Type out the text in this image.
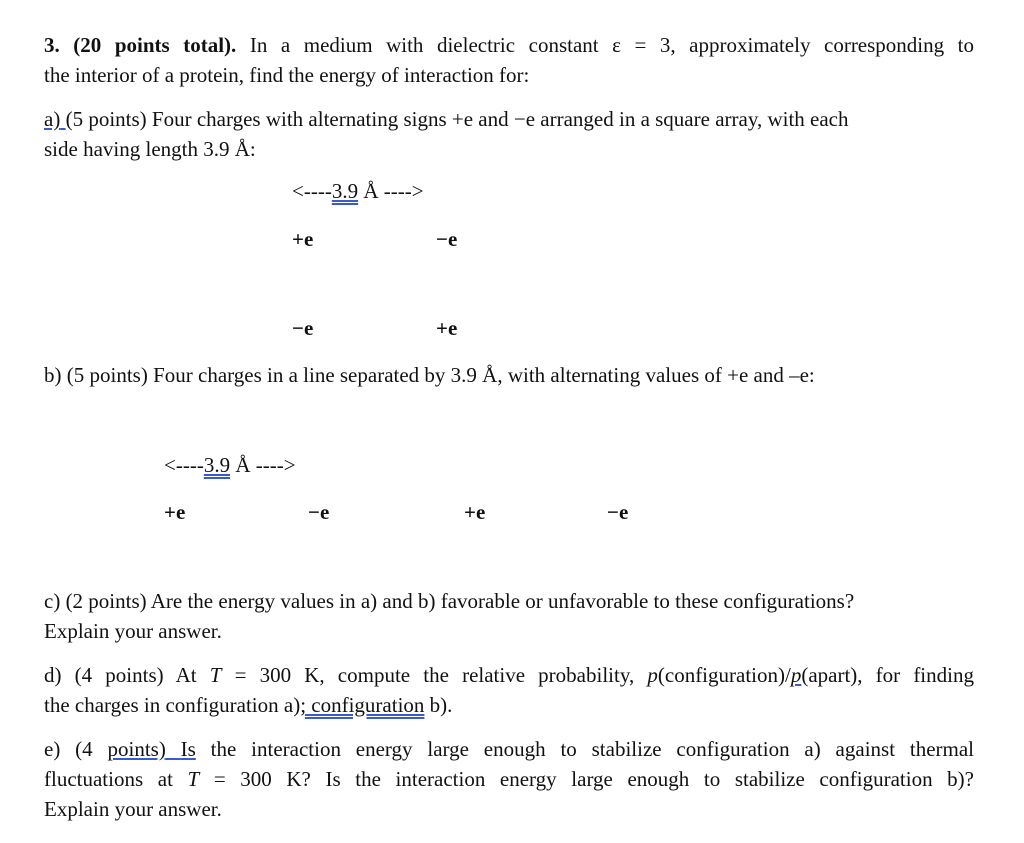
3. (20 points total). In a medium with dielectric constant ε = 3, approximately corresponding to
the interior of a protein, find the energy of interaction for:

a) (5 points) Four charges with alternating signs +e and −e arranged in a square array, with each
side having length 3.9 Å:

<----3.9 Å ---->
+e	−e
−e	+e

b) (5 points) Four charges in a line separated by 3.9 Å, with alternating values of +e and –e:

<----3.9 Å ---->
+e	−e	+e	−e

c) (2 points) Are the energy values in a) and b) favorable or unfavorable to these configurations?
Explain your answer.

d) (4 points) At T = 300 K, compute the relative probability, p(configuration)/p(apart), for finding
the charges in configuration a); configuration b).

e) (4 points) Is the interaction energy large enough to stabilize configuration a) against thermal
fluctuations at T = 300 K? Is the interaction energy large enough to stabilize configuration b)?
Explain your answer.
